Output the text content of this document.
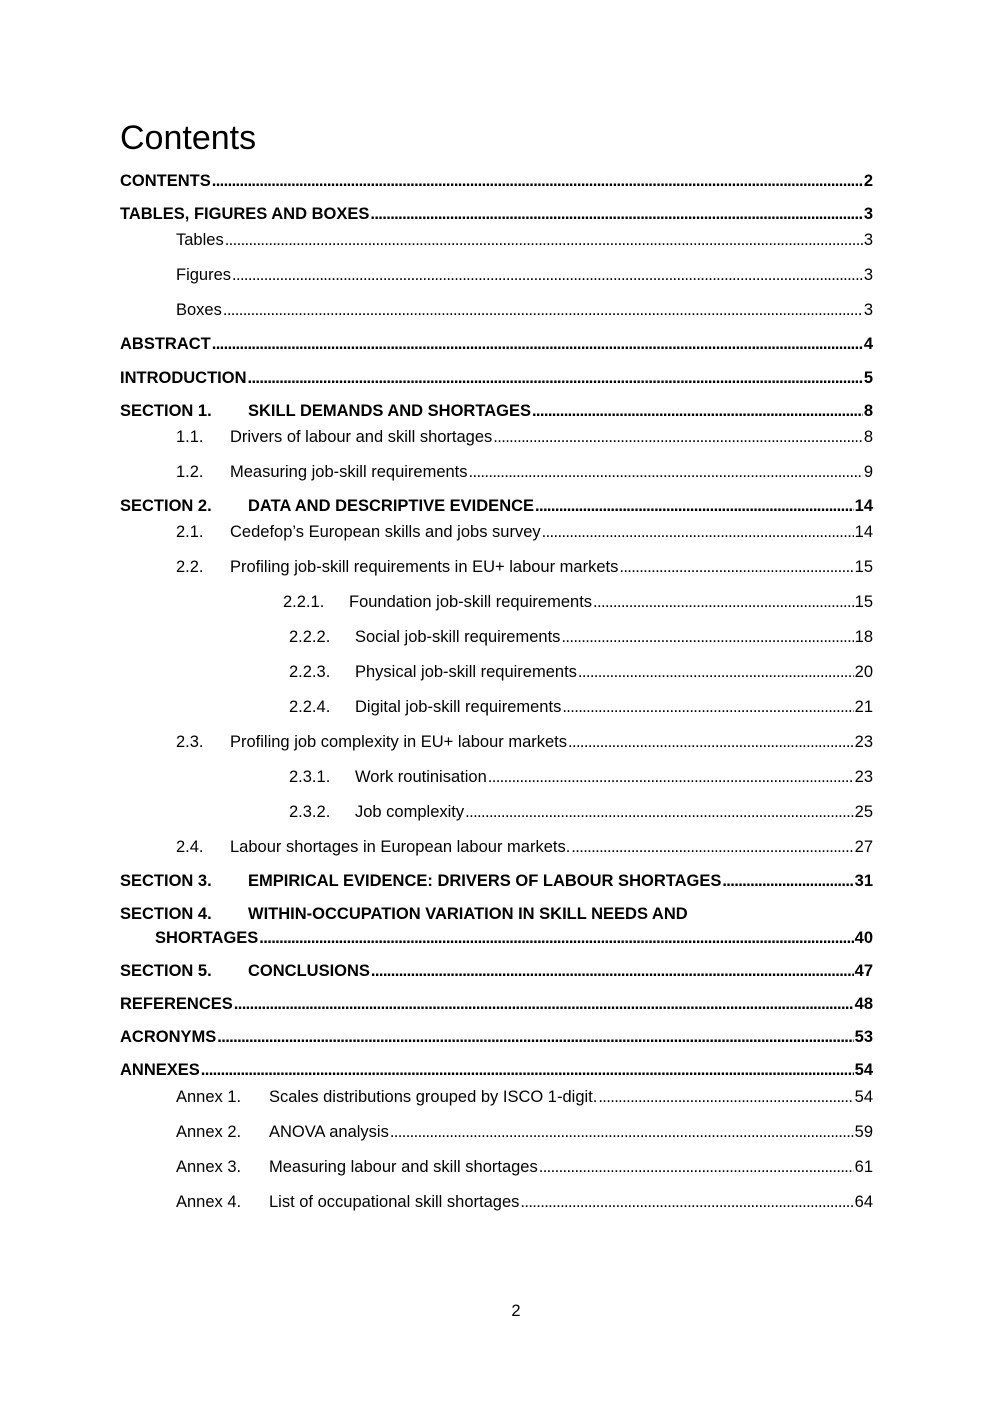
Contents
CONTENTS . . .	2
TABLES, FIGURES AND BOXES . . .	3
Tables . . .	3
Figures . . .	3
Boxes . . .	3
ABSTRACT . . .	4
INTRODUCTION . . .	5
SECTION 1.	SKILL DEMANDS AND SHORTAGES . . .	8
1.1.	Drivers of labour and skill shortages . . .	8
1.2.	Measuring job-skill requirements . . .	9
SECTION 2.	DATA AND DESCRIPTIVE EVIDENCE . . .	14
2.1.	Cedefop’s European skills and jobs survey . . .	14
2.2.	Profiling job-skill requirements in EU+ labour markets . . .	15
2.2.1.	Foundation job-skill requirements . . .	15
2.2.2.	Social job-skill requirements . . .	18
2.2.3.	Physical job-skill requirements . . .	20
2.2.4.	Digital job-skill requirements . . .	21
2.3.	Profiling job complexity in EU+ labour markets . . .	23
2.3.1.	Work routinisation . . .	23
2.3.2.	Job complexity . . .	25
2.4.	Labour shortages in European labour markets. . . .	27
SECTION 3.	EMPIRICAL EVIDENCE: DRIVERS OF LABOUR SHORTAGES . . .	31
SECTION 4. WITHIN-OCCUPATION VARIATION IN SKILL NEEDS AND
SHORTAGES . . .	40
SECTION 5.	CONCLUSIONS . . .	47
REFERENCES . . .	48
ACRONYMS . . .	53
ANNEXES . . .	54
Annex 1.	Scales distributions grouped by ISCO 1-digit. . . .	54
Annex 2.	ANOVA analysis . . .	59
Annex 3.	Measuring labour and skill shortages . . .	61
Annex 4.	List of occupational skill shortages . . .	64
2
